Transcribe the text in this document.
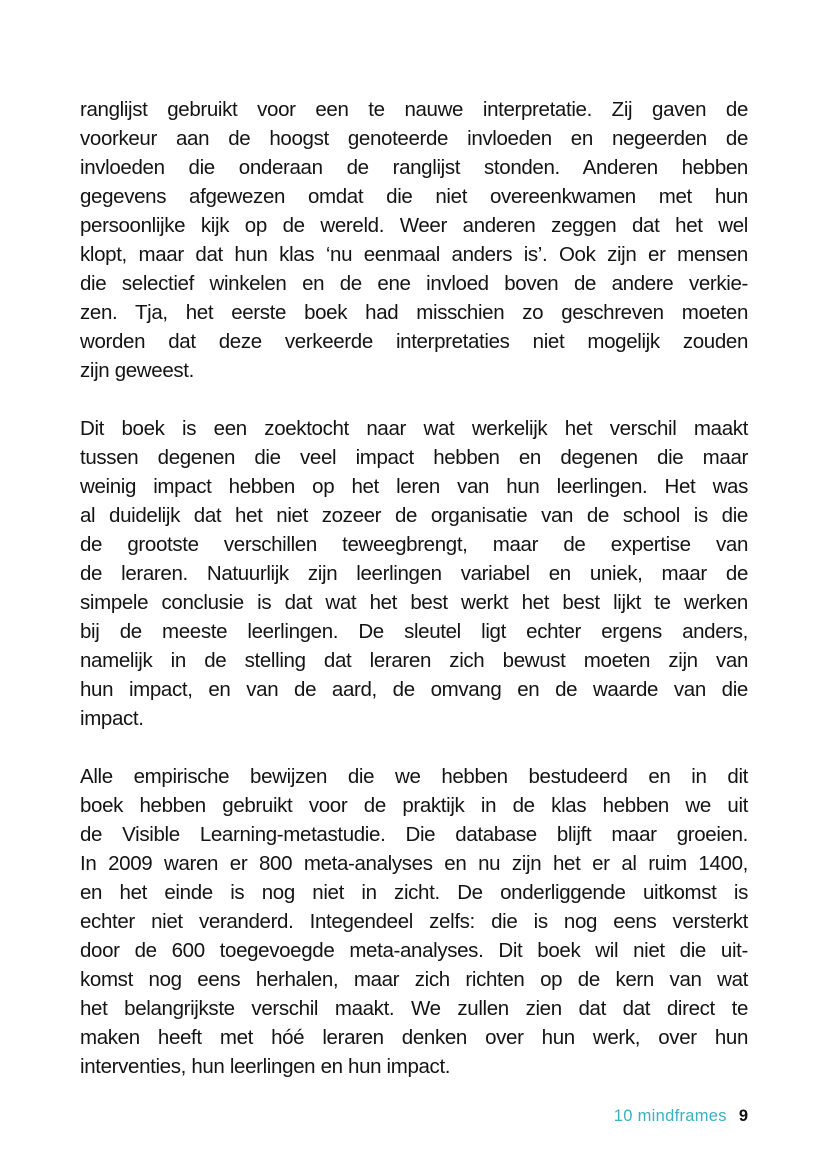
ranglijst gebruikt voor een te nauwe interpretatie. Zij gaven de
voorkeur aan de hoogst genoteerde invloeden en negeerden de
invloeden die onderaan de ranglijst stonden. Anderen hebben
gegevens afgewezen omdat die niet overeenkwamen met hun
persoonlijke kijk op de wereld. Weer anderen zeggen dat het wel
klopt, maar dat hun klas ‘nu eenmaal anders is’. Ook zijn er mensen
die selectief winkelen en de ene invloed boven de andere verkie-
zen. Tja, het eerste boek had misschien zo geschreven moeten
worden dat deze verkeerde interpretaties niet mogelijk zouden
zijn geweest.
Dit boek is een zoektocht naar wat werkelijk het verschil maakt
tussen degenen die veel impact hebben en degenen die maar
weinig impact hebben op het leren van hun leerlingen. Het was
al duidelijk dat het niet zozeer de organisatie van de school is die
de grootste verschillen teweegbrengt, maar de expertise van
de leraren. Natuurlijk zijn leerlingen variabel en uniek, maar de
simpele conclusie is dat wat het best werkt het best lijkt te werken
bij de meeste leerlingen. De sleutel ligt echter ergens anders,
namelijk in de stelling dat leraren zich bewust moeten zijn van
hun impact, en van de aard, de omvang en de waarde van die
impact.
Alle empirische bewijzen die we hebben bestudeerd en in dit
boek hebben gebruikt voor de praktijk in de klas hebben we uit
de Visible Learning-metastudie. Die database blijft maar groeien.
In 2009 waren er 800 meta-analyses en nu zijn het er al ruim 1400,
en het einde is nog niet in zicht. De onderliggende uitkomst is
echter niet veranderd. Integendeel zelfs: die is nog eens versterkt
door de 600 toegevoegde meta-analyses. Dit boek wil niet die uit-
komst nog eens herhalen, maar zich richten op de kern van wat
het belangrijkste verschil maakt. We zullen zien dat dat direct te
maken heeft met hóé leraren denken over hun werk, over hun
interventies, hun leerlingen en hun impact.
10 mindframes 9
